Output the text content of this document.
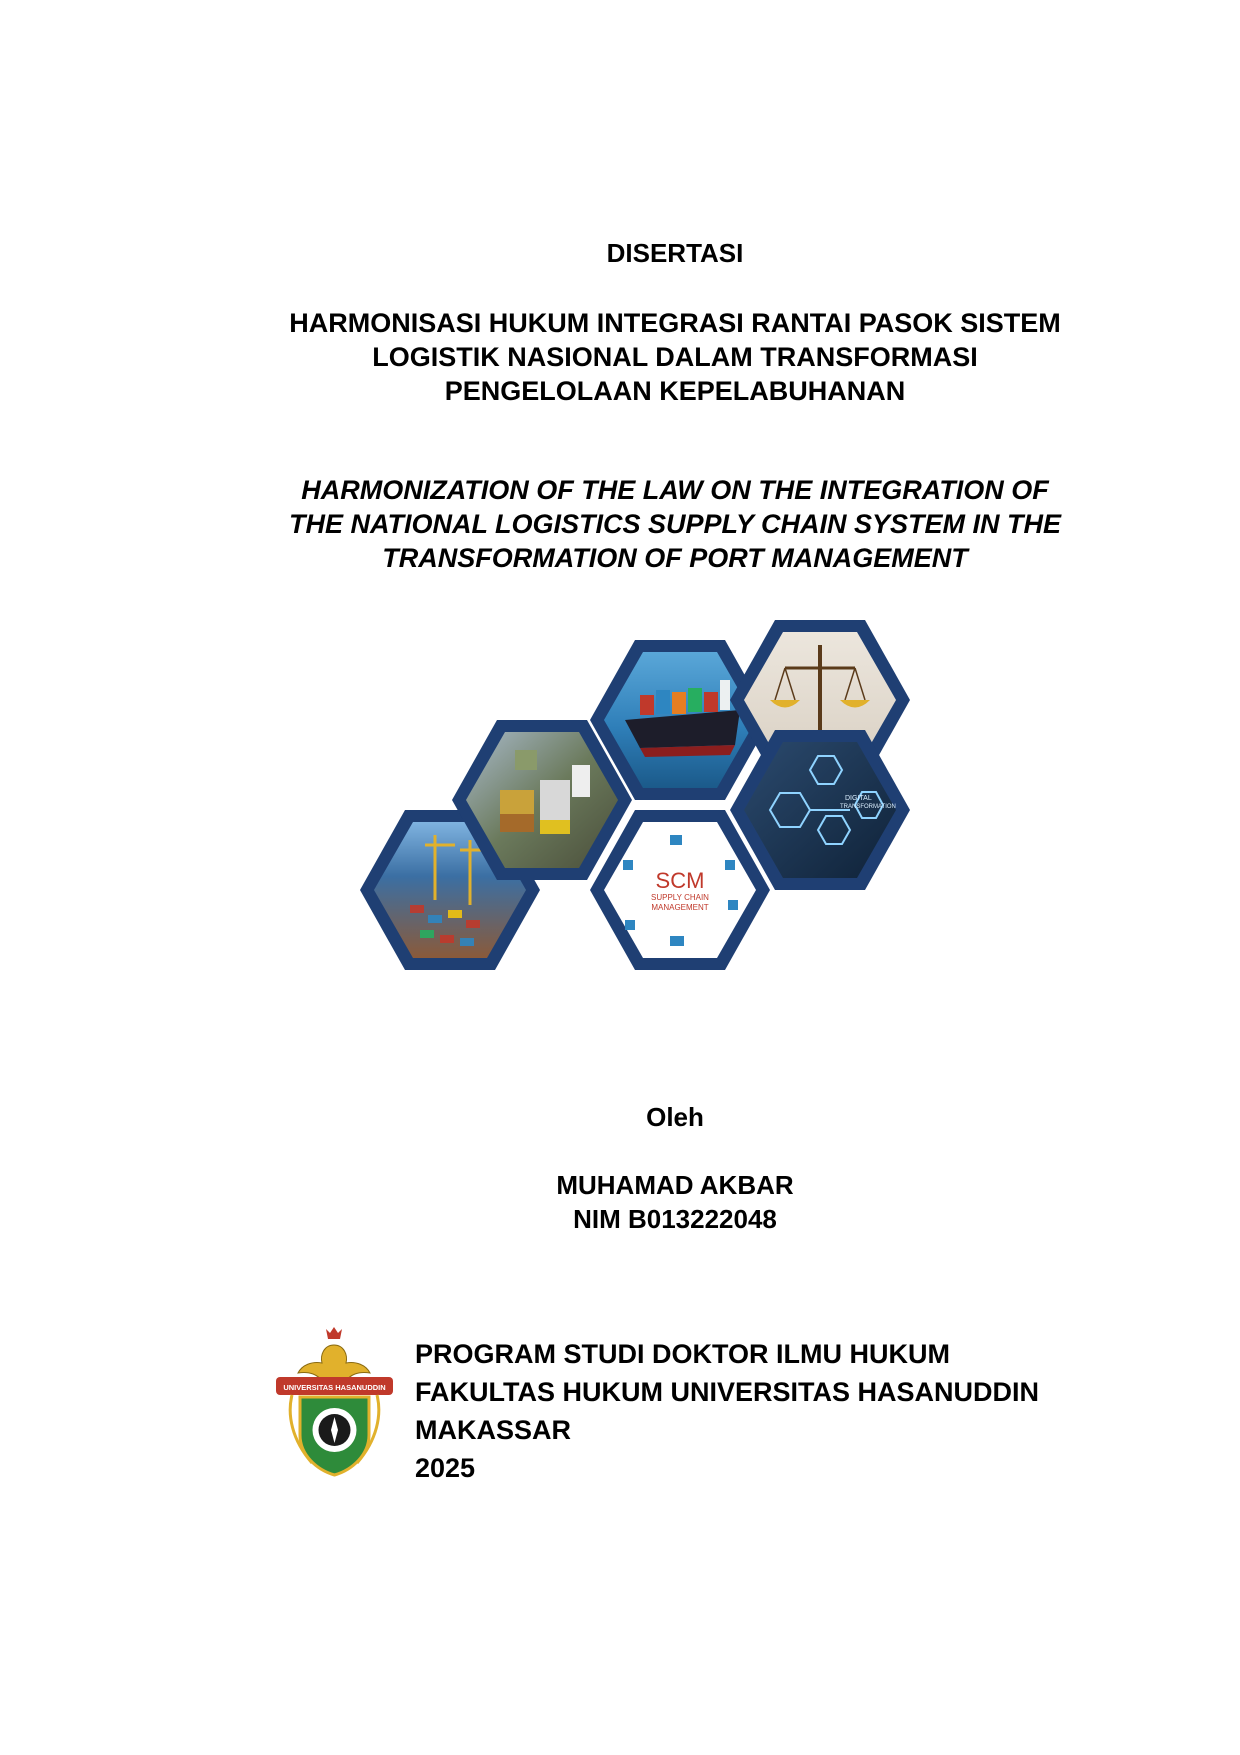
DISERTASI
HARMONISASI HUKUM INTEGRASI RANTAI PASOK SISTEM
LOGISTIK NASIONAL DALAM TRANSFORMASI
PENGELOLAAN KEPELABUHANAN
HARMONIZATION OF THE LAW ON THE INTEGRATION OF
THE NATIONAL LOGISTICS SUPPLY CHAIN SYSTEM IN THE
TRANSFORMATION OF PORT MANAGEMENT
DIGITAL
TRANSFORMATION
SCM
SUPPLY CHAIN
MANAGEMENT
Oleh
MUHAMAD AKBAR
NIM B013222048
UNIVERSITAS HASANUDDIN
PROGRAM STUDI DOKTOR ILMU HUKUM
FAKULTAS HUKUM UNIVERSITAS HASANUDDIN
MAKASSAR
2025
